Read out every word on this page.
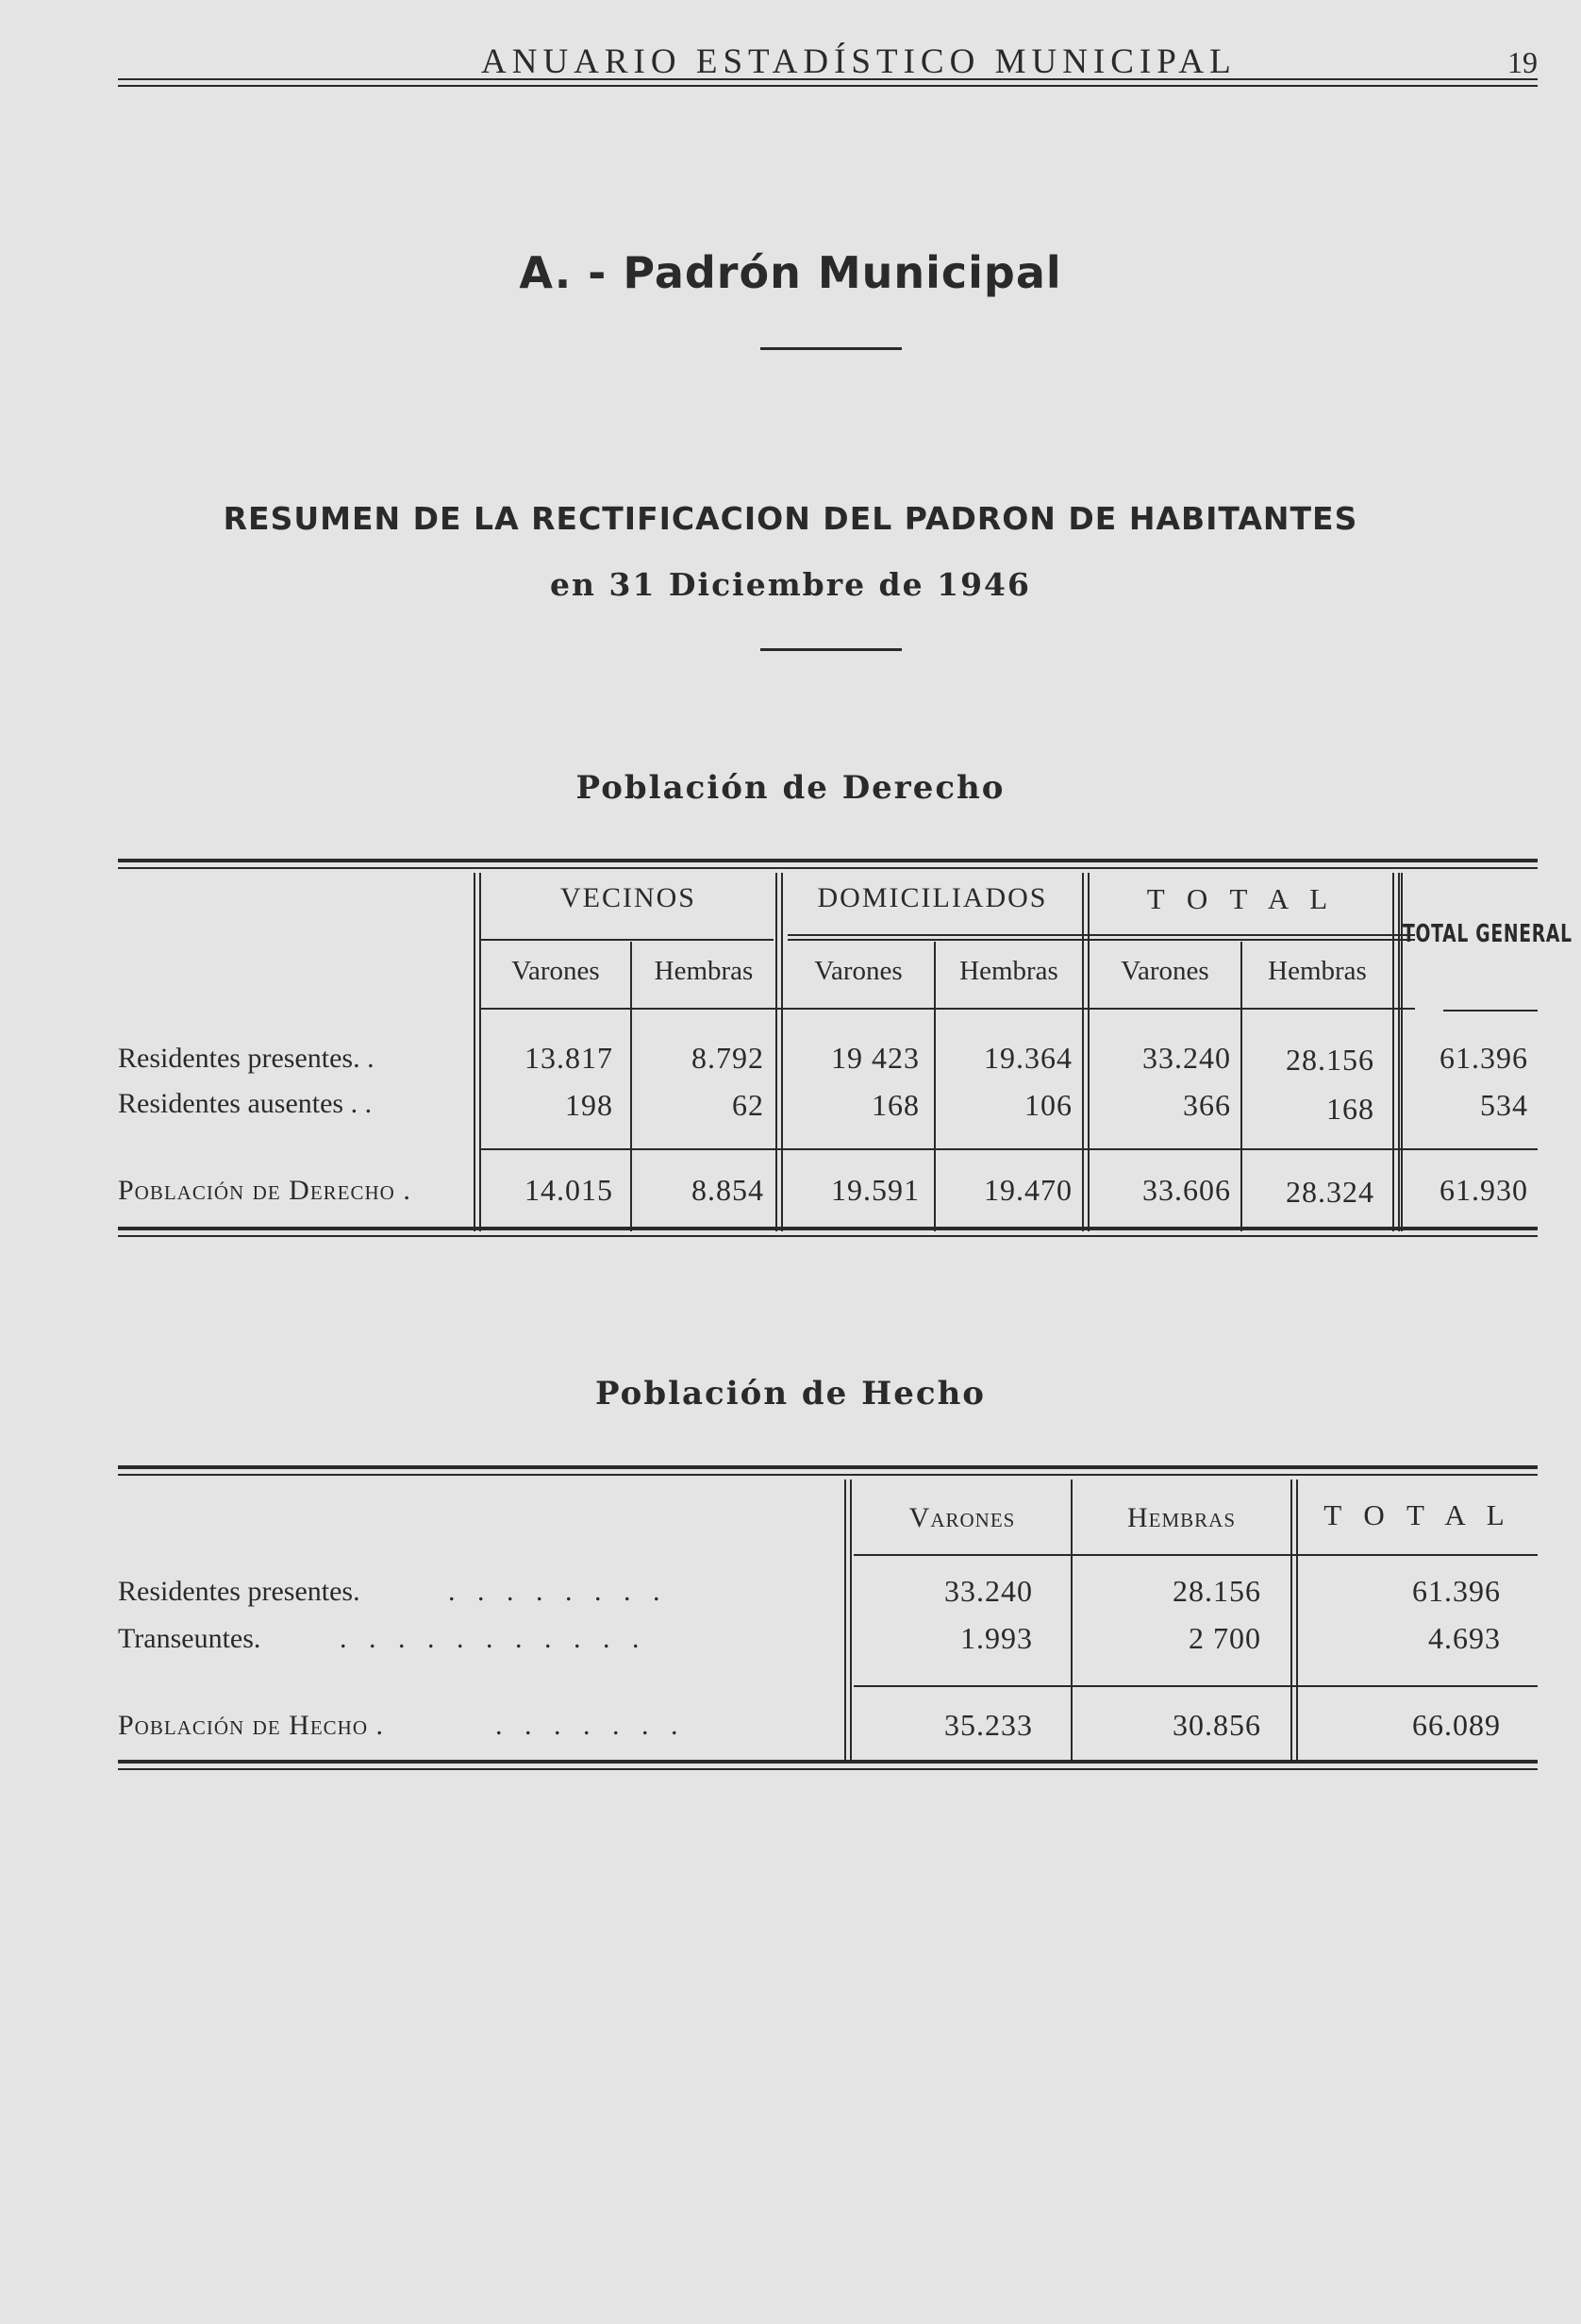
ANUARIO ESTADÍSTICO MUNICIPAL	19
A. - Padrón Municipal
RESUMEN DE LA RECTIFICACION DEL PADRON DE HABITANTES
en 31 Diciembre de 1946
Población de Derecho
VECINOS	DOMICILIADOS	T O T A L
TOTAL GENERAL
Varones	Hembras	Varones	Hembras	Varones	Hembras
Residentes presentes. .	13.817	8.792	19 423	19.364	33.240	28.156	61.396
Residentes ausentes . .	198	62	168	106	366	168	534
Población de Derecho .	14.015	8.854	19.591	19.470	33.606	28.324	61.930
Población de Hecho
Varones	Hembras	T O T A L
Residentes presentes.	. . . . . . . .	33.240	28.156	61.396
Transeuntes.	. . . . . . . . . . .	1.993	2 700	4.693
Población de Hecho .	. . . . . . .	35.233	30.856	66.089
